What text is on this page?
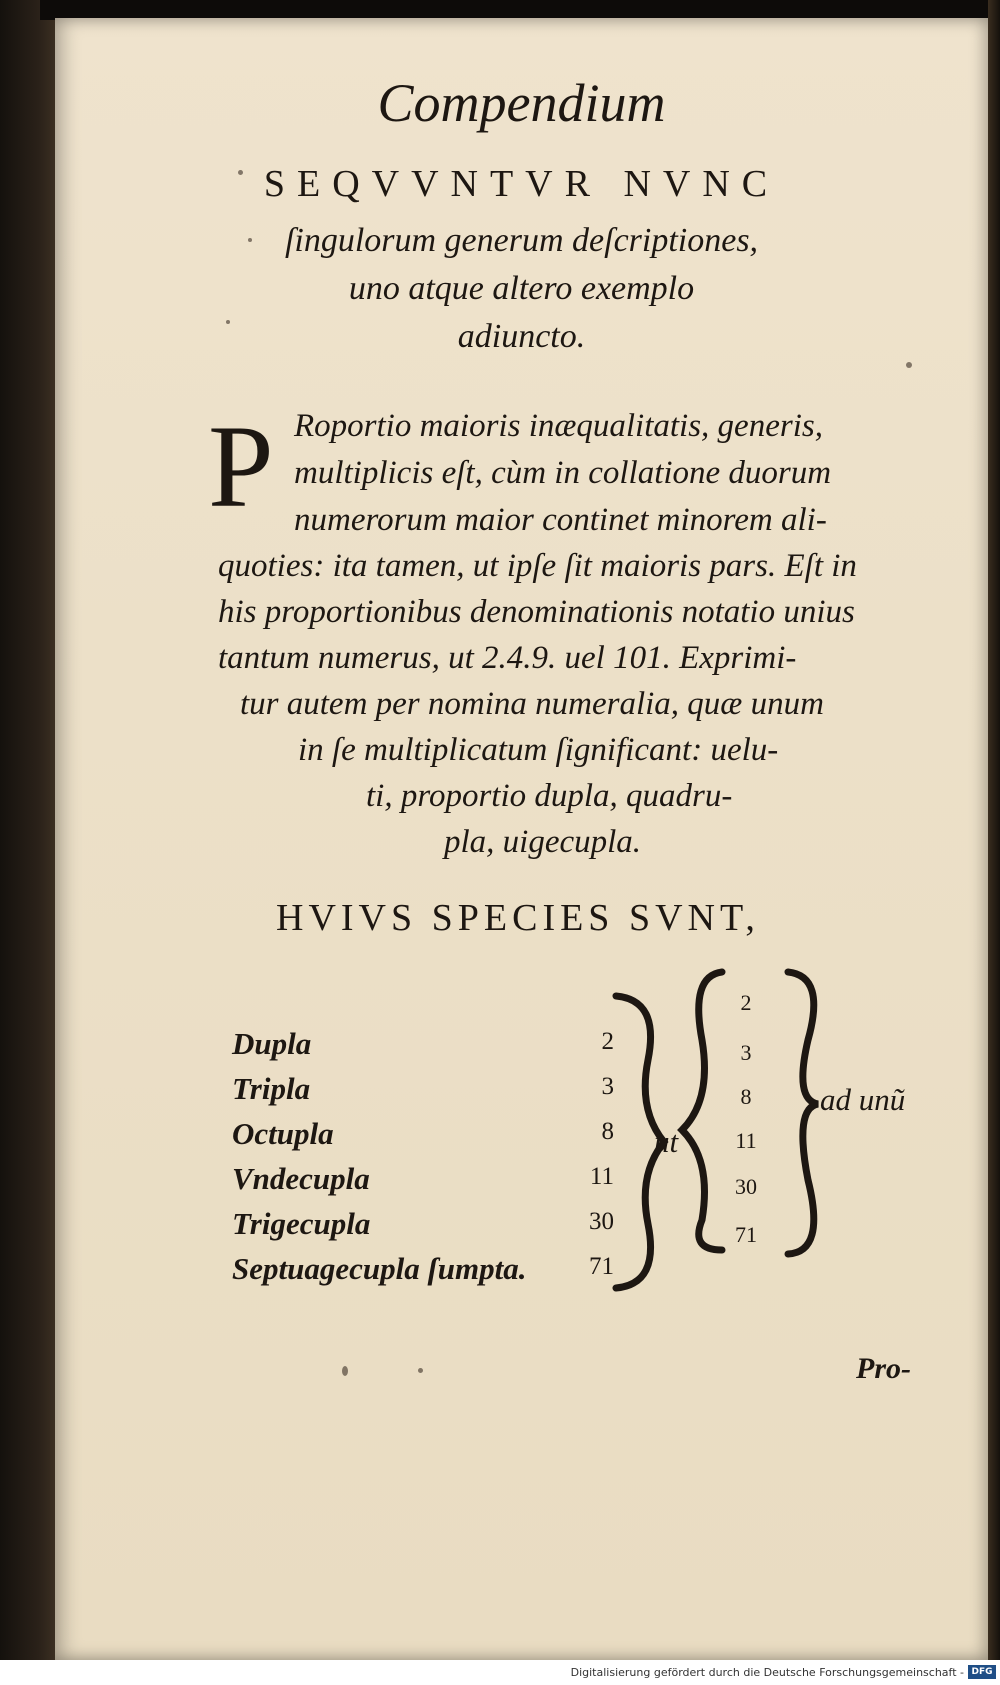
Compendium
SEQVVNTVR NVNC
ſingulorum generum deſcriptiones,
uno atque altero exemplo
adiuncto.
P Roportio maioris inæqualitatis, generis,
multiplicis eſt, cùm in collatione duorum
numerorum maior continet minorem ali-
quoties: ita tamen, ut ipſe ſit maioris pars. Eſt in
his proportionibus denominationis notatio unius
tantum numerus, ut 2.4.9. uel 101. Exprimi-
tur autem per nomina numeralia, quæ unum
in ſe multiplicatum ſignificant: uelu-
ti, proportio dupla, quadru-
pla, uigecupla.
HVIVS SPECIES SVNT,
Dupla
Tripla
Octupla
Vndecupla
Trigecupla
Septuagecupla ſumpta.
2
3
8
11
30
71
ut
2
3
8
11
30
71
ad unũ
Pro-
Digitalisierung gefördert durch die Deutsche Forschungsgemeinschaft - DFG
